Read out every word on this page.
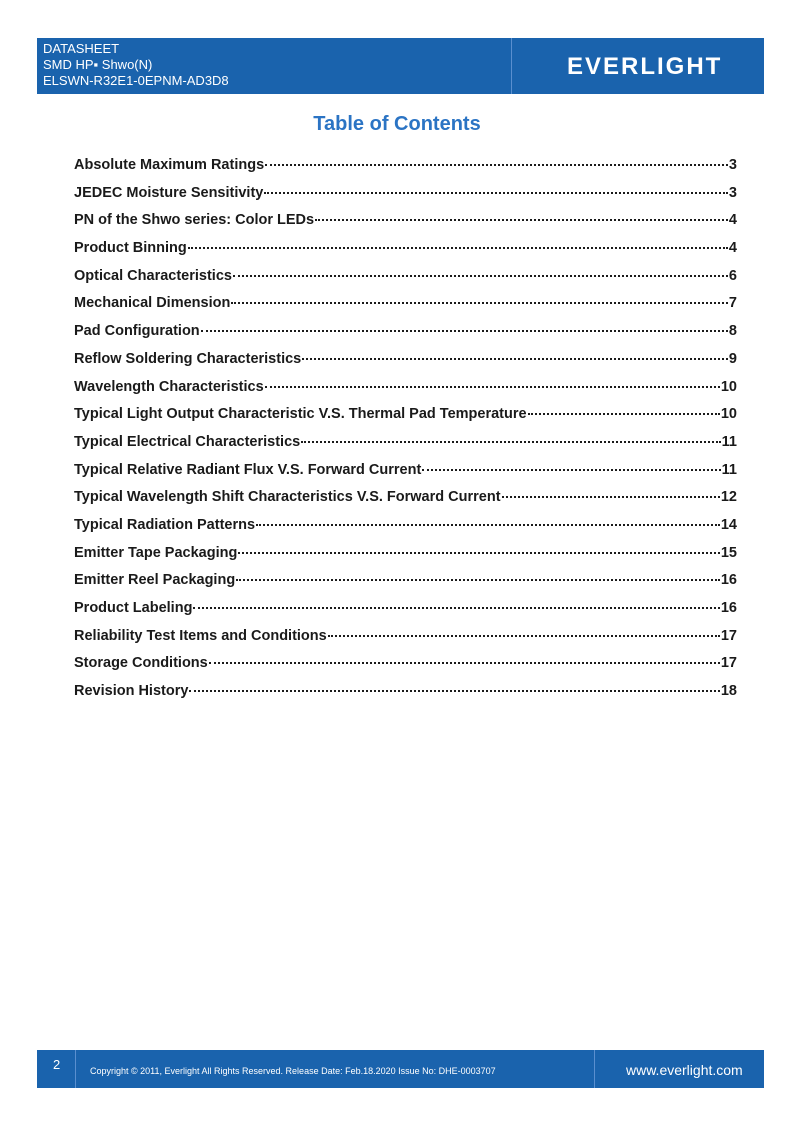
DATASHEET
SMD HP▪ Shwo(N)
ELSWN-R32E1-0EPNM-AD3D8
EVERLIGHT
Table of Contents
Absolute Maximum Ratings	3
JEDEC Moisture Sensitivity	3
PN of the Shwo series: Color LEDs	4
Product Binning	4
Optical Characteristics	6
Mechanical Dimension	7
Pad Configuration	8
Reflow Soldering Characteristics	9
Wavelength Characteristics	10
Typical Light Output Characteristic V.S. Thermal Pad Temperature	10
Typical Electrical Characteristics	11
Typical Relative Radiant Flux V.S. Forward Current	11
Typical Wavelength Shift Characteristics V.S. Forward Current	12
Typical Radiation Patterns	14
Emitter Tape Packaging	15
Emitter Reel Packaging	16
Product Labeling	16
Reliability Test Items and Conditions	17
Storage Conditions	17
Revision History	18
2	Copyright © 2011, Everlight All Rights Reserved. Release Date: Feb.18.2020 Issue No: DHE-0003707	www.everlight.com
